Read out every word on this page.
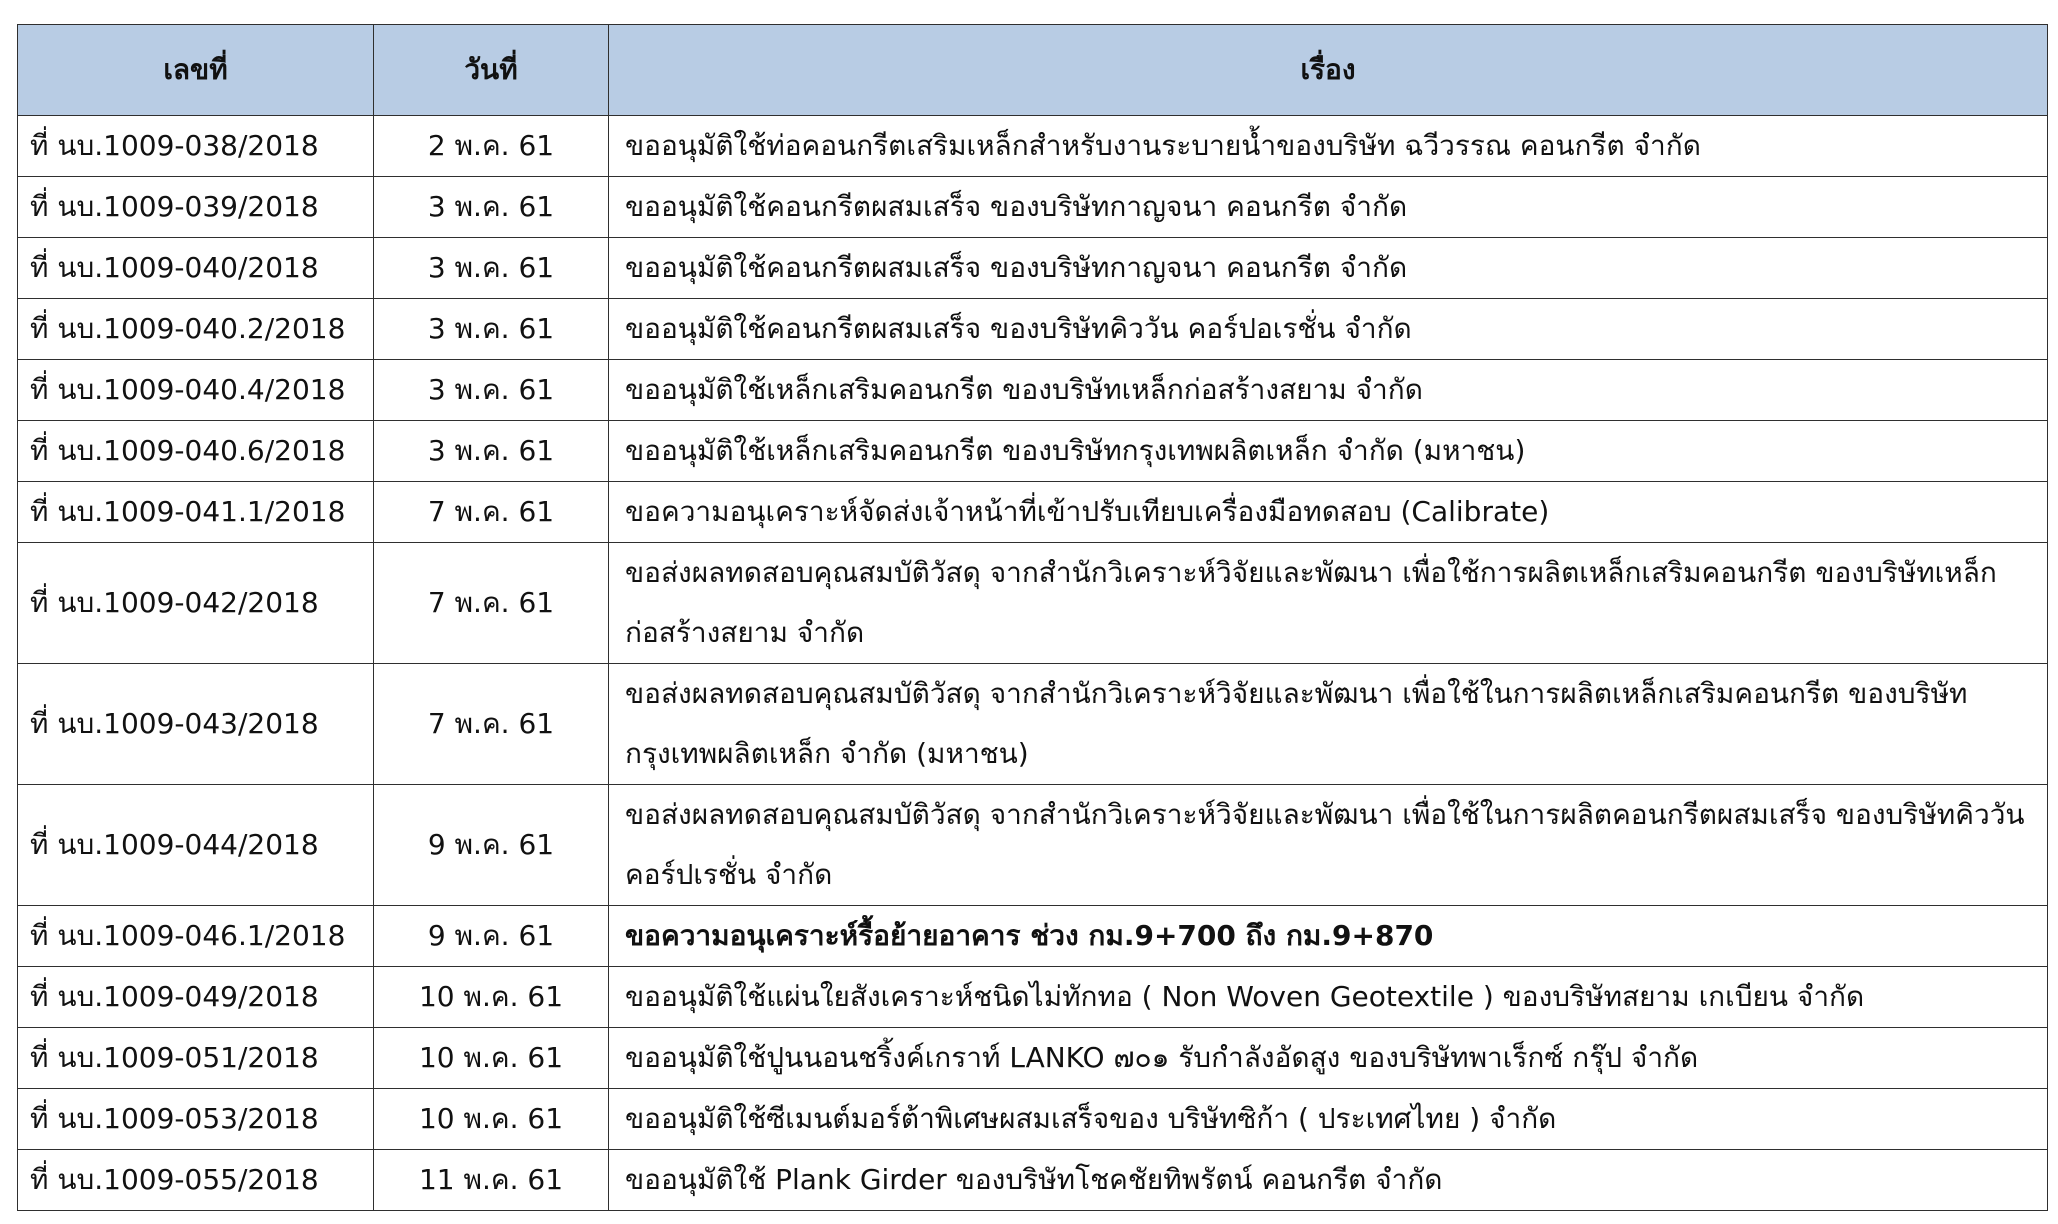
เลขที่	วันที่	เรื่อง
ที่ นบ.1009-038/2018	2 พ.ค. 61	ขออนุมัติใช้ท่อคอนกรีตเสริมเหล็กสำหรับงานระบายน้ำของบริษัท ฉวีวรรณ คอนกรีต จำกัด
ที่ นบ.1009-039/2018	3 พ.ค. 61	ขออนุมัติใช้คอนกรีตผสมเสร็จ ของบริษัทกาญจนา คอนกรีต จำกัด
ที่ นบ.1009-040/2018	3 พ.ค. 61	ขออนุมัติใช้คอนกรีตผสมเสร็จ ของบริษัทกาญจนา คอนกรีต จำกัด
ที่ นบ.1009-040.2/2018	3 พ.ค. 61	ขออนุมัติใช้คอนกรีตผสมเสร็จ ของบริษัทคิววัน คอร์ปอเรชั่น จำกัด
ที่ นบ.1009-040.4/2018	3 พ.ค. 61	ขออนุมัติใช้เหล็กเสริมคอนกรีต ของบริษัทเหล็กก่อสร้างสยาม จำกัด
ที่ นบ.1009-040.6/2018	3 พ.ค. 61	ขออนุมัติใช้เหล็กเสริมคอนกรีต ของบริษัทกรุงเทพผลิตเหล็ก จำกัด (มหาชน)
ที่ นบ.1009-041.1/2018	7 พ.ค. 61	ขอความอนุเคราะห์จัดส่งเจ้าหน้าที่เข้าปรับเทียบเครื่องมือทดสอบ (Calibrate)
ที่ นบ.1009-042/2018	7 พ.ค. 61	ขอส่งผลทดสอบคุณสมบัติวัสดุ จากสำนักวิเคราะห์วิจัยและพัฒนา เพื่อใช้การผลิตเหล็กเสริมคอนกรีต ของบริษัทเหล็กก่อสร้างสยาม จำกัด
ที่ นบ.1009-043/2018	7 พ.ค. 61	ขอส่งผลทดสอบคุณสมบัติวัสดุ จากสำนักวิเคราะห์วิจัยและพัฒนา เพื่อใช้ในการผลิตเหล็กเสริมคอนกรีต ของบริษัทกรุงเทพผลิตเหล็ก จำกัด (มหาชน)
ที่ นบ.1009-044/2018	9 พ.ค. 61	ขอส่งผลทดสอบคุณสมบัติวัสดุ จากสำนักวิเคราะห์วิจัยและพัฒนา เพื่อใช้ในการผลิตคอนกรีตผสมเสร็จ ของบริษัทคิววันคอร์ปเรชั่น จำกัด
ที่ นบ.1009-046.1/2018	9 พ.ค. 61	ขอความอนุเคราะห์รื้อย้ายอาคาร ช่วง กม.9+700 ถึง กม.9+870
ที่ นบ.1009-049/2018	10 พ.ค. 61	ขออนุมัติใช้แผ่นใยสังเคราะห์ชนิดไม่ทักทอ ( Non Woven Geotextile ) ของบริษัทสยาม เกเบียน จำกัด
ที่ นบ.1009-051/2018	10 พ.ค. 61	ขออนุมัติใช้ปูนนอนชริ้งค์เกราท์ LANKO ๗๐๑ รับกำลังอัดสูง ของบริษัทพาเร็กซ์ กรุ๊ป จำกัด
ที่ นบ.1009-053/2018	10 พ.ค. 61	ขออนุมัติใช้ซีเมนต์มอร์ต้าพิเศษผสมเสร็จของ บริษัทซิก้า ( ประเทศไทย ) จำกัด
ที่ นบ.1009-055/2018	11 พ.ค. 61	ขออนุมัติใช้ Plank Girder ของบริษัทโชคชัยทิพรัตน์ คอนกรีต จำกัด
